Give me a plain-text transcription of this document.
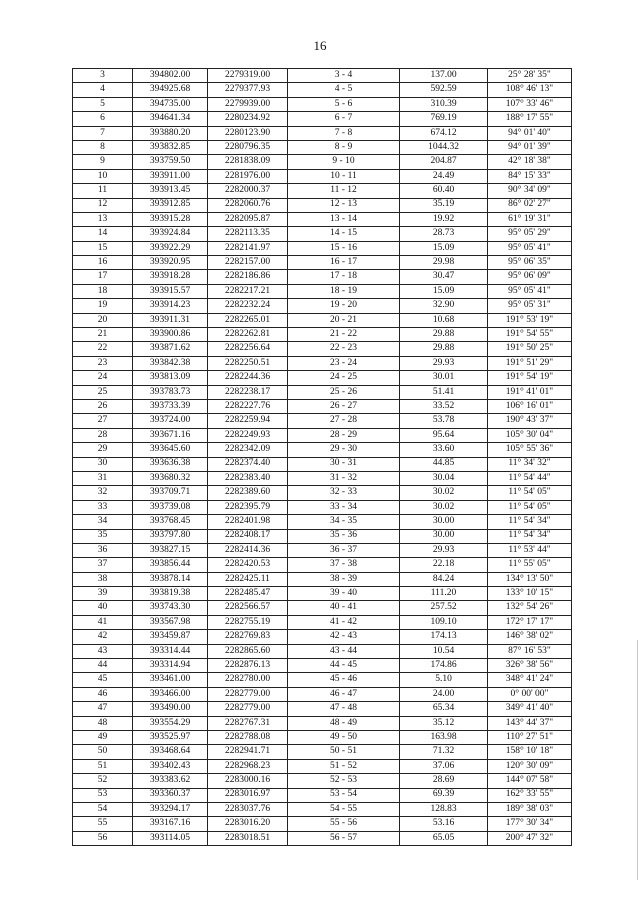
16
3	394802.00	2279319.00	3 - 4	137.00	25° 28' 35"
4	394925.68	2279377.93	4 - 5	592.59	108° 46' 13"
5	394735.00	2279939.00	5 - 6	310.39	107° 33' 46"
6	394641.34	2280234.92	6 - 7	769.19	188° 17' 55"
7	393880.20	2280123.90	7 - 8	674.12	94° 01' 40"
8	393832.85	2280796.35	8 - 9	1044.32	94° 01' 39"
9	393759.50	2281838.09	9 - 10	204.87	42° 18' 38"
10	393911.00	2281976.00	10 - 11	24.49	84° 15' 33"
11	393913.45	2282000.37	11 - 12	60.40	90° 34' 09"
12	393912.85	2282060.76	12 - 13	35.19	86° 02' 27"
13	393915.28	2282095.87	13 - 14	19.92	61° 19' 31"
14	393924.84	2282113.35	14 - 15	28.73	95° 05' 29"
15	393922.29	2282141.97	15 - 16	15.09	95° 05' 41"
16	393920.95	2282157.00	16 - 17	29.98	95° 06' 35"
17	393918.28	2282186.86	17 - 18	30.47	95° 06' 09"
18	393915.57	2282217.21	18 - 19	15.09	95° 05' 41"
19	393914.23	2282232.24	19 - 20	32.90	95° 05' 31"
20	393911.31	2282265.01	20 - 21	10.68	191° 53' 19"
21	393900.86	2282262.81	21 - 22	29.88	191° 54' 55"
22	393871.62	2282256.64	22 - 23	29.88	191° 50' 25"
23	393842.38	2282250.51	23 - 24	29.93	191° 51' 29"
24	393813.09	2282244.36	24 - 25	30.01	191° 54' 19"
25	393783.73	2282238.17	25 - 26	51.41	191° 41' 01"
26	393733.39	2282227.76	26 - 27	33.52	106° 16' 01"
27	393724.00	2282259.94	27 - 28	53.78	190° 43' 37"
28	393671.16	2282249.93	28 - 29	95.64	105° 30' 04"
29	393645.60	2282342.09	29 - 30	33.60	105° 55' 36"
30	393636.38	2282374.40	30 - 31	44.85	11° 34' 32"
31	393680.32	2282383.40	31 - 32	30.04	11° 54' 44"
32	393709.71	2282389.60	32 - 33	30.02	11° 54' 05"
33	393739.08	2282395.79	33 - 34	30.02	11° 54' 05"
34	393768.45	2282401.98	34 - 35	30.00	11° 54' 34"
35	393797.80	2282408.17	35 - 36	30.00	11° 54' 34"
36	393827.15	2282414.36	36 - 37	29.93	11° 53' 44"
37	393856.44	2282420.53	37 - 38	22.18	11° 55' 05"
38	393878.14	2282425.11	38 - 39	84.24	134° 13' 50"
39	393819.38	2282485.47	39 - 40	111.20	133° 10' 15"
40	393743.30	2282566.57	40 - 41	257.52	132° 54' 26"
41	393567.98	2282755.19	41 - 42	109.10	172° 17' 17"
42	393459.87	2282769.83	42 - 43	174.13	146° 38' 02"
43	393314.44	2282865.60	43 - 44	10.54	87° 16' 53"
44	393314.94	2282876.13	44 - 45	174.86	326° 38' 56"
45	393461.00	2282780.00	45 - 46	5.10	348° 41' 24"
46	393466.00	2282779.00	46 - 47	24.00	0° 00' 00"
47	393490.00	2282779.00	47 - 48	65.34	349° 41' 40"
48	393554.29	2282767.31	48 - 49	35.12	143° 44' 37"
49	393525.97	2282788.08	49 - 50	163.98	110° 27' 51"
50	393468.64	2282941.71	50 - 51	71.32	158° 10' 18"
51	393402.43	2282968.23	51 - 52	37.06	120° 30' 09"
52	393383.62	2283000.16	52 - 53	28.69	144° 07' 58"
53	393360.37	2283016.97	53 - 54	69.39	162° 33' 55"
54	393294.17	2283037.76	54 - 55	128.83	189° 38' 03"
55	393167.16	2283016.20	55 - 56	53.16	177° 30' 34"
56	393114.05	2283018.51	56 - 57	65.05	200° 47' 32"
